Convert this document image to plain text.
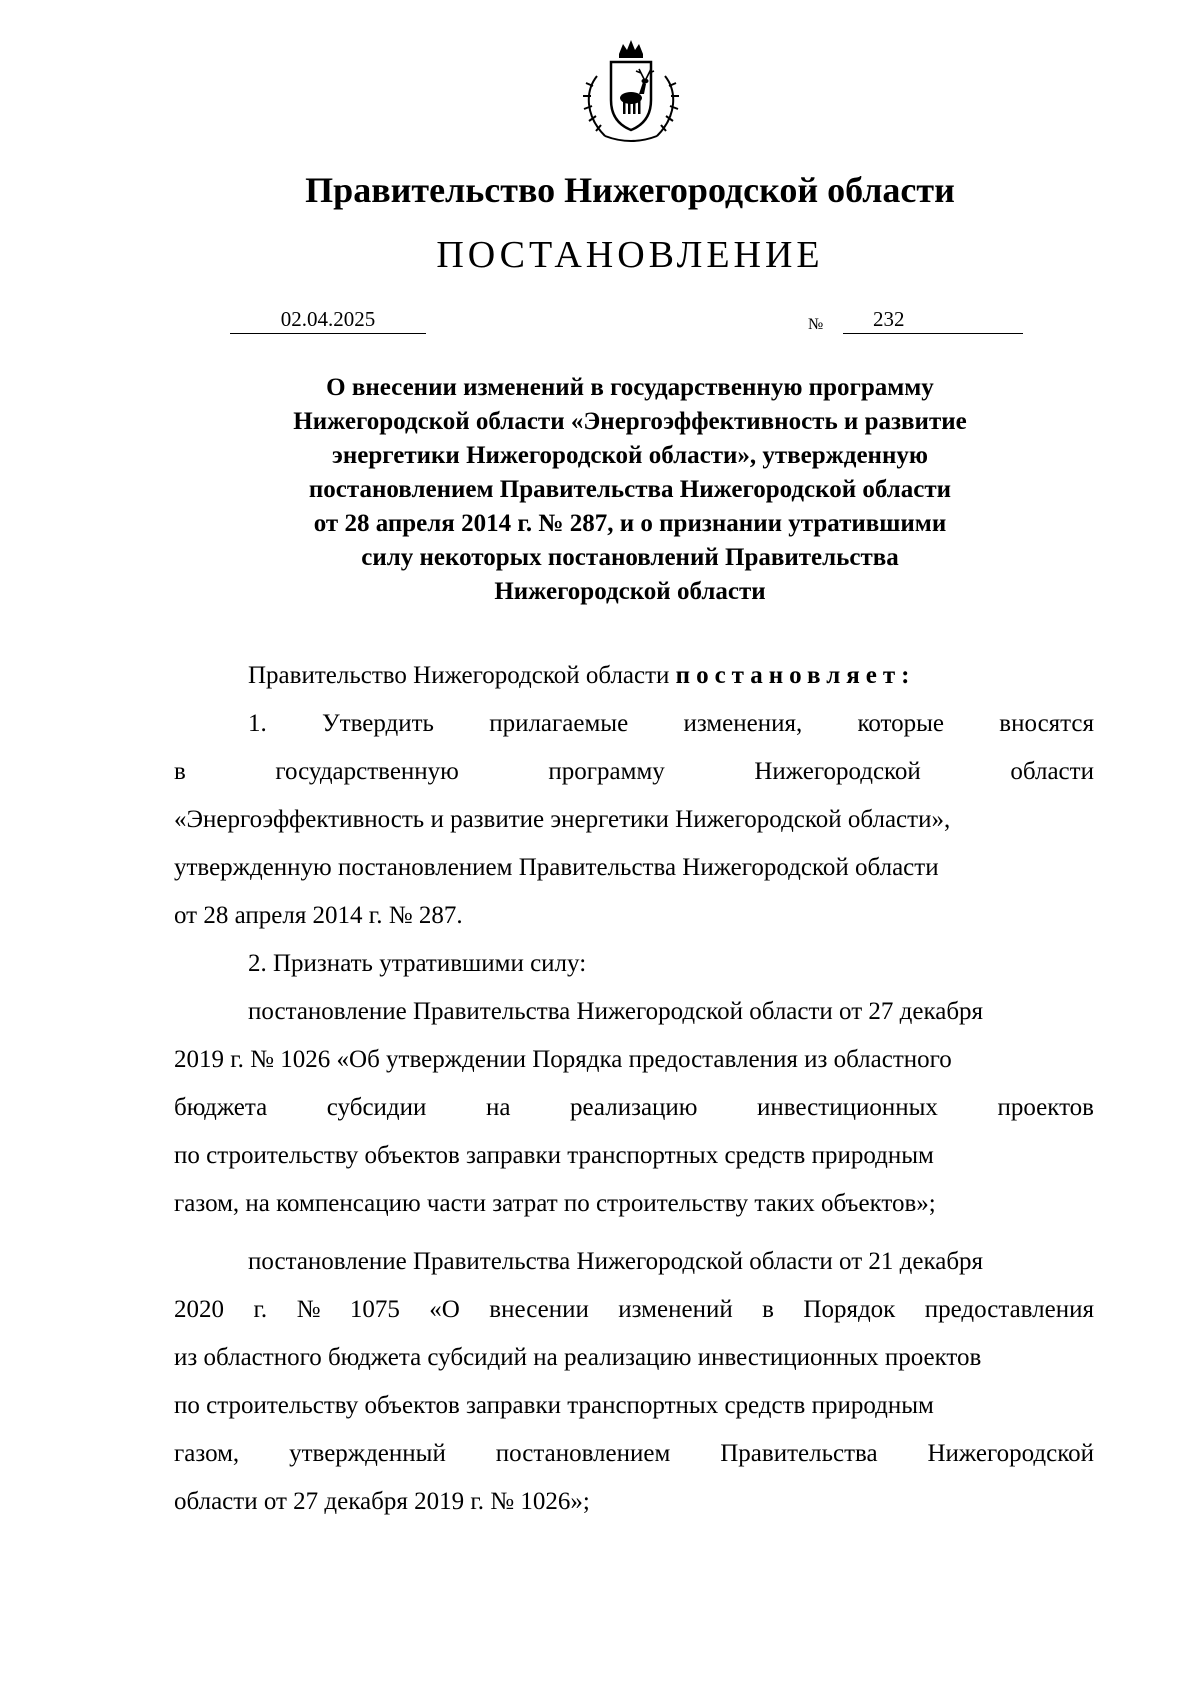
Правительство Нижегородской области
ПОСТАНОВЛЕНИЕ
02.04.2025	№	232
О внесении изменений в государственную программу
Нижегородской области «Энергоэффективность и развитие
энергетики Нижегородской области», утвержденную
постановлением Правительства Нижегородской области
от 28 апреля 2014 г. № 287, и о признании утратившими
силу некоторых постановлений Правительства
Нижегородской области
Правительство Нижегородской области постановляет:
1. Утвердить прилагаемые изменения, которые вносятся
в	государственную	программу	Нижегородской	области
«Энергоэффективность и развитие энергетики Нижегородской области»,
утвержденную постановлением Правительства Нижегородской области
от 28 апреля 2014 г. № 287.
2. Признать утратившими силу:
постановление Правительства Нижегородской области от 27 декабря
2019 г. № 1026 «Об утверждении Порядка предоставления из областного
бюджета субсидии на реализацию инвестиционных проектов
по строительству объектов заправки транспортных средств природным
газом, на компенсацию части затрат по строительству таких объектов»;
постановление Правительства Нижегородской области от 21 декабря
2020 г. № 1075 «О внесении изменений в Порядок предоставления
из областного бюджета субсидий на реализацию инвестиционных проектов
по строительству объектов заправки транспортных средств природным
газом, утвержденный постановлением Правительства Нижегородской
области от 27 декабря 2019 г. № 1026»;
